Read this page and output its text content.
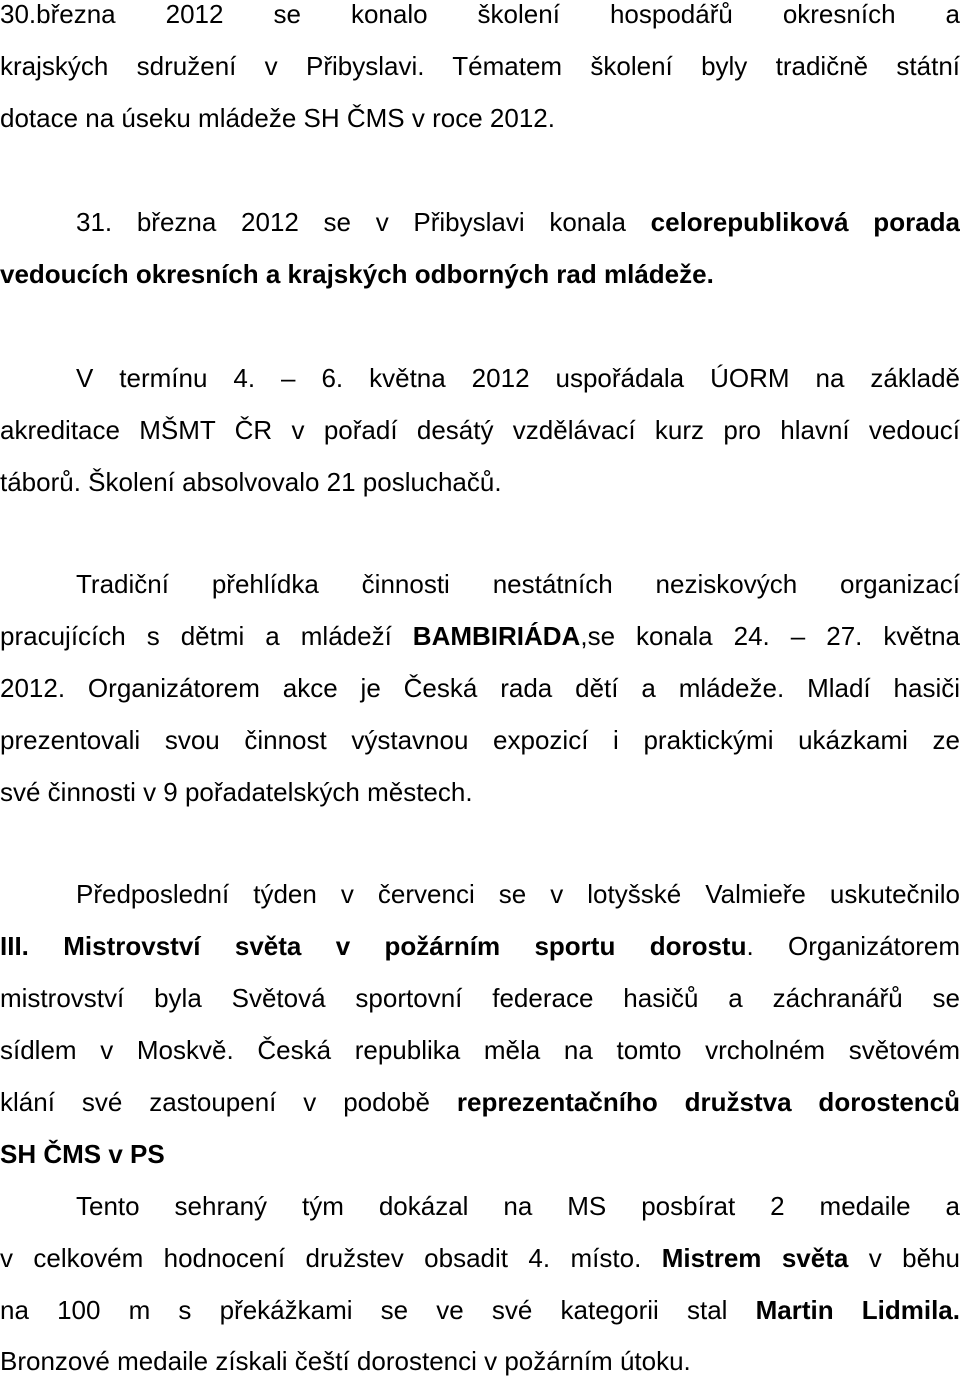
30.března 2012 se konalo školení hospodářů okresních a
krajských sdružení v Přibyslavi. Tématem školení byly tradičně státní
dotace na úseku mládeže SH ČMS v roce 2012.
31. března 2012 se v Přibyslavi konala celorepubliková porada
vedoucích okresních a krajských odborných rad mládeže.
V termínu 4. – 6. května 2012 uspořádala ÚORM na základě
akreditace MŠMT ČR v pořadí desátý vzdělávací kurz pro hlavní vedoucí
táborů. Školení absolvovalo 21 posluchačů.
Tradiční přehlídka činnosti nestátních neziskových organizací
pracujících s dětmi a mládeží BAMBIRIÁDA,se konala 24. – 27. května
2012. Organizátorem akce je Česká rada dětí a mládeže. Mladí hasiči
prezentovali svou činnost výstavnou expozicí i praktickými ukázkami ze
své činnosti v 9 pořadatelských městech.
Předposlední týden v červenci se v lotyšské Valmieře uskutečnilo
III. Mistrovství světa v požárním sportu dorostu. Organizátorem
mistrovství byla Světová sportovní federace hasičů a záchranářů se
sídlem v Moskvě. Česká republika měla na tomto vrcholném světovém
klání své zastoupení v podobě reprezentačního družstva dorostenců
SH ČMS v PS
Tento sehraný tým dokázal na MS posbírat 2 medaile a
v celkovém hodnocení družstev obsadit 4. místo. Mistrem světa v běhu
na 100 m s překážkami se ve své kategorii stal Martin Lidmila.
Bronzové medaile získali čeští dorostenci v požárním útoku.
